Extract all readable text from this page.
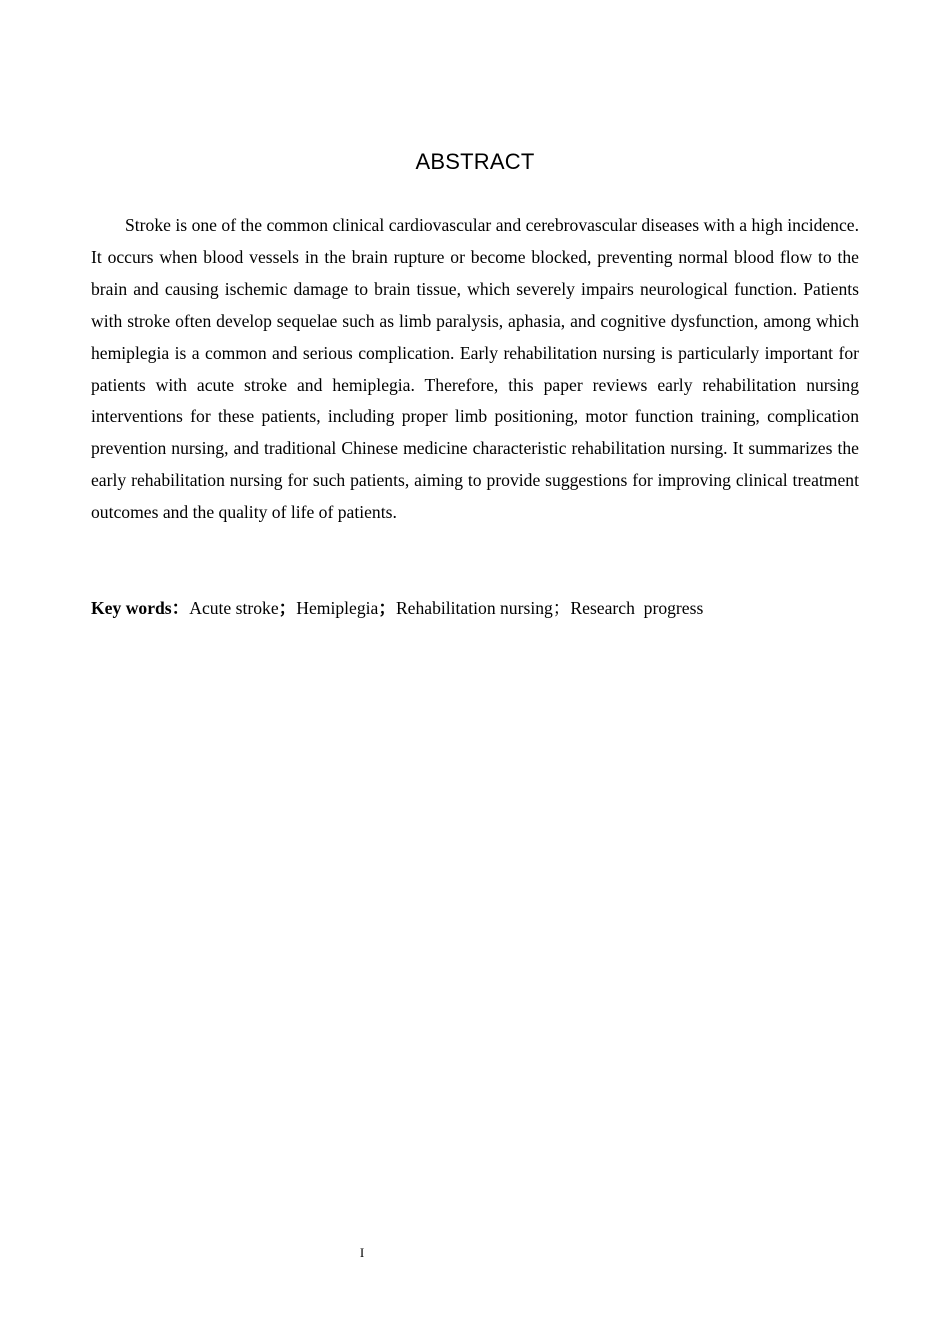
ABSTRACT

Stroke is one of the common clinical cardiovascular and cerebrovascular diseases with a high incidence. It occurs when blood vessels in the brain rupture or become blocked, preventing normal blood flow to the brain and causing ischemic damage to brain tissue, which severely impairs neurological function. Patients with stroke often develop sequelae such as limb paralysis, aphasia, and cognitive dysfunction, among which hemiplegia is a common and serious complication. Early rehabilitation nursing is particularly important for patients with acute stroke and hemiplegia. Therefore, this paper reviews early rehabilitation nursing interventions for these patients, including proper limb positioning, motor function training, complication prevention nursing, and traditional Chinese medicine characteristic rehabilitation nursing. It summarizes the early rehabilitation nursing for such patients, aiming to provide suggestions for improving clinical treatment outcomes and the quality of life of patients.

Key words：Acute stroke；Hemiplegia；Rehabilitation nursing；Research  progress
I
